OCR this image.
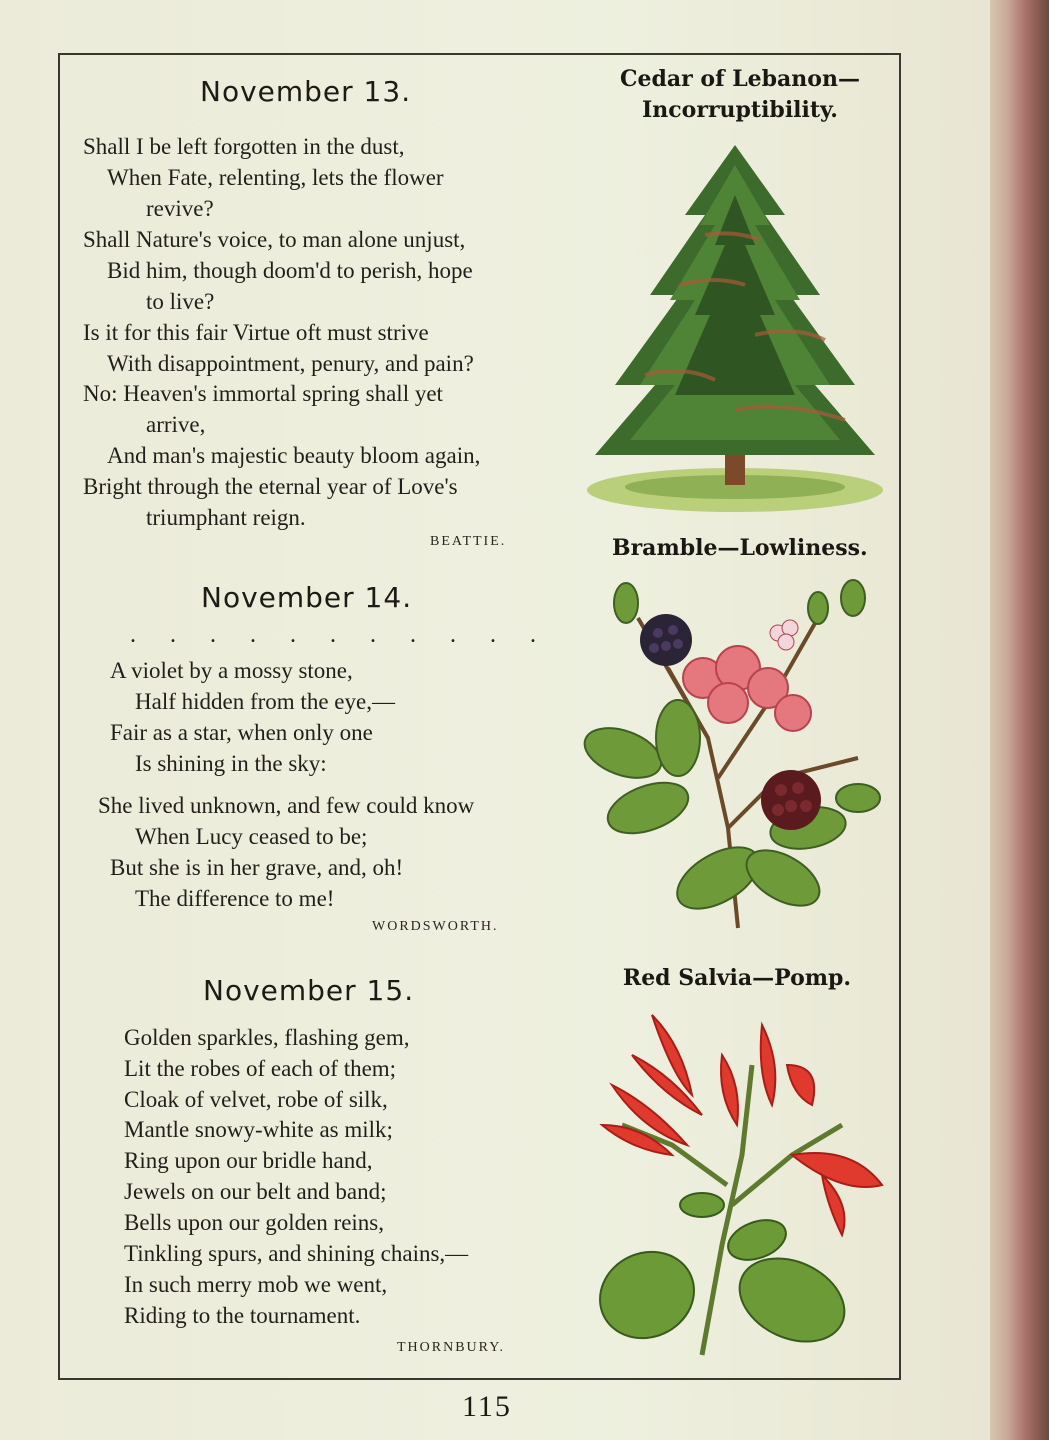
November 13.
Shall I be left forgotten in the dust,
When Fate, relenting, lets the flower
revive?
Shall Nature's voice, to man alone unjust,
Bid him, though doom'd to perish, hope
to live?
Is it for this fair Virtue oft must strive
With disappointment, penury, and pain?
No: Heaven's immortal spring shall yet
arrive,
And man's majestic beauty bloom again,
Bright through the eternal year of Love's
triumphant reign.
BEATTIE.
November 14.
. . . . . . . . . . .
A violet by a mossy stone,
Half hidden from the eye,—
Fair as a star, when only one
Is shining in the sky:
She lived unknown, and few could know
When Lucy ceased to be;
But she is in her grave, and, oh!
The difference to me!
WORDSWORTH.
November 15.
Golden sparkles, flashing gem,
Lit the robes of each of them;
Cloak of velvet, robe of silk,
Mantle snowy-white as milk;
Ring upon our bridle hand,
Jewels on our belt and band;
Bells upon our golden reins,
Tinkling spurs, and shining chains,—
In such merry mob we went,
Riding to the tournament.
THORNBURY.
Cedar of Lebanon—
Incorruptibility.
Bramble—Lowliness.
Red Salvia—Pomp.
115
